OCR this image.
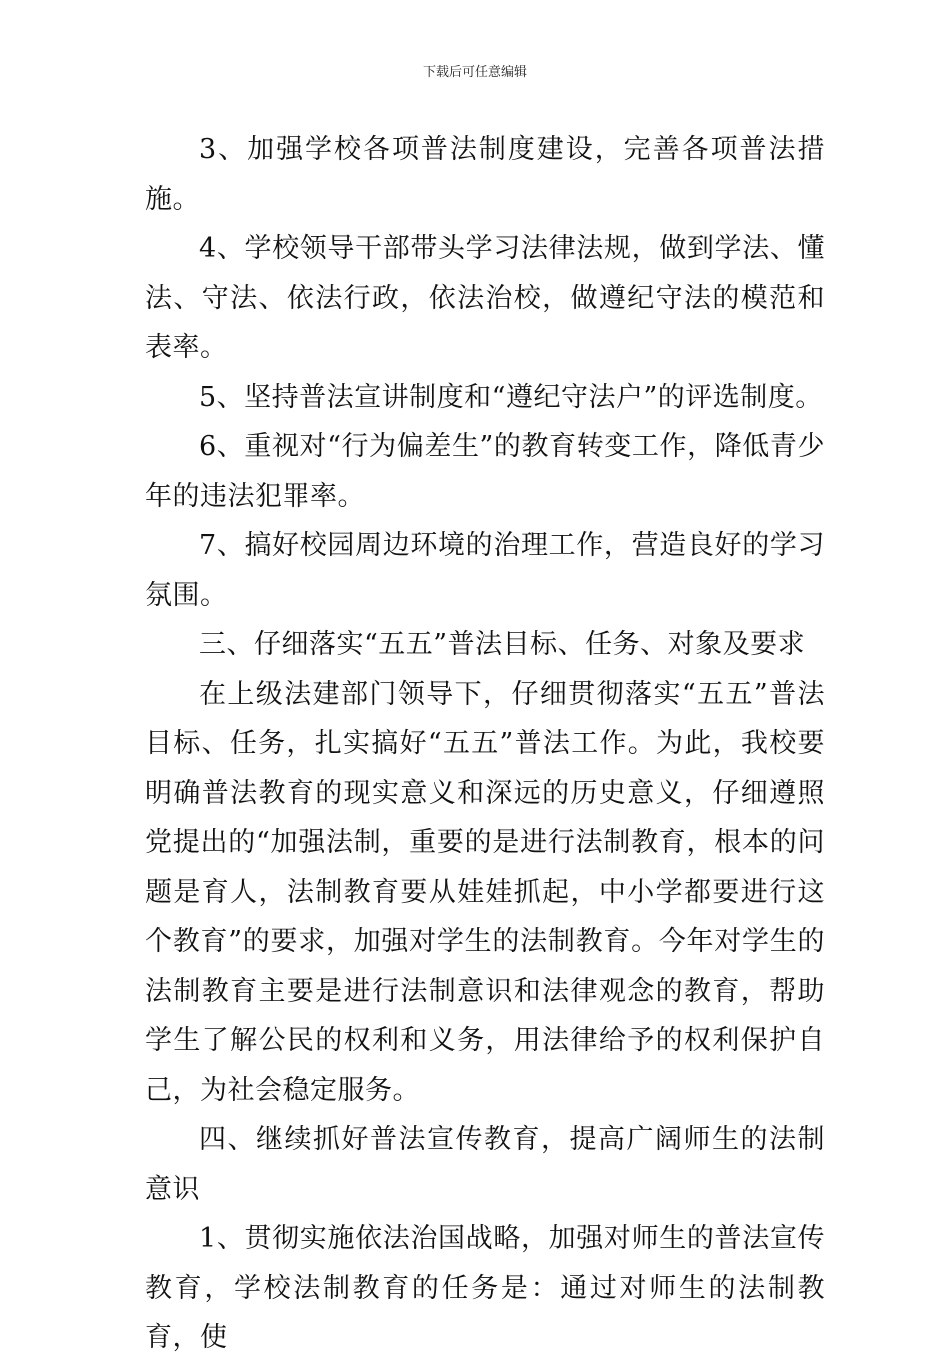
下载后可任意编辑

3、加强学校各项普法制度建设，完善各项普法措施。

4、学校领导干部带头学习法律法规，做到学法、懂法、守法、依法行政，依法治校，做遵纪守法的模范和表率。

5、坚持普法宣讲制度和“遵纪守法户”的评选制度。

6、重视对“行为偏差生”的教育转变工作，降低青少年的违法犯罪率。

7、搞好校园周边环境的治理工作，营造良好的学习氛围。

三、仔细落实“五五”普法目标、任务、对象及要求

在上级法建部门领导下，仔细贯彻落实“五五”普法目标、任务，扎实搞好“五五”普法工作。为此，我校要明确普法教育的现实意义和深远的历史意义，仔细遵照党提出的“加强法制，重要的是进行法制教育，根本的问题是育人，法制教育要从娃娃抓起，中小学都要进行这个教育”的要求，加强对学生的法制教育。今年对学生的法制教育主要是进行法制意识和法律观念的教育，帮助学生了解公民的权利和义务，用法律给予的权利保护自己，为社会稳定服务。

四、继续抓好普法宣传教育，提高广阔师生的法制意识

1、贯彻实施依法治国战略，加强对师生的普法宣传教育，学校法制教育的任务是：通过对师生的法制教育，使
